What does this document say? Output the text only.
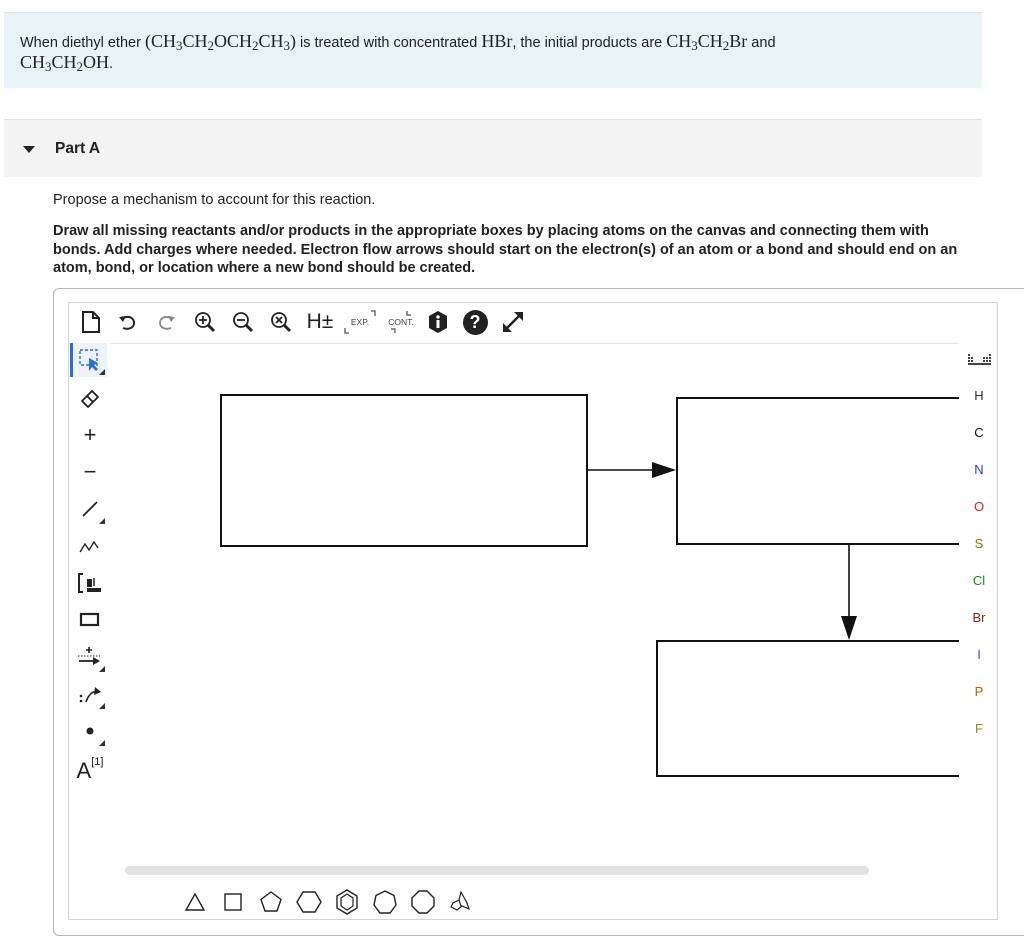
When diethyl ether $(CH_3CH_2OCH_2CH_3)$ is treated with concentrated HBr, the initial products are $CH_3CH_2Br$ and
$CH_3CH_2OH$.
Part A
Propose a mechanism to account for this reaction.
Draw all missing reactants and/or products in the appropriate boxes by placing atoms on the canvas and connecting them with bonds. Add charges where needed. Electron flow arrows should start on the electron(s) of an atom or a bond and should end on an atom, bond, or location where a new bond should be created.
H± EXP. CONT.	?
+
−
A [1]
H
C
N
O
S
Cl
Br
I
P
F
